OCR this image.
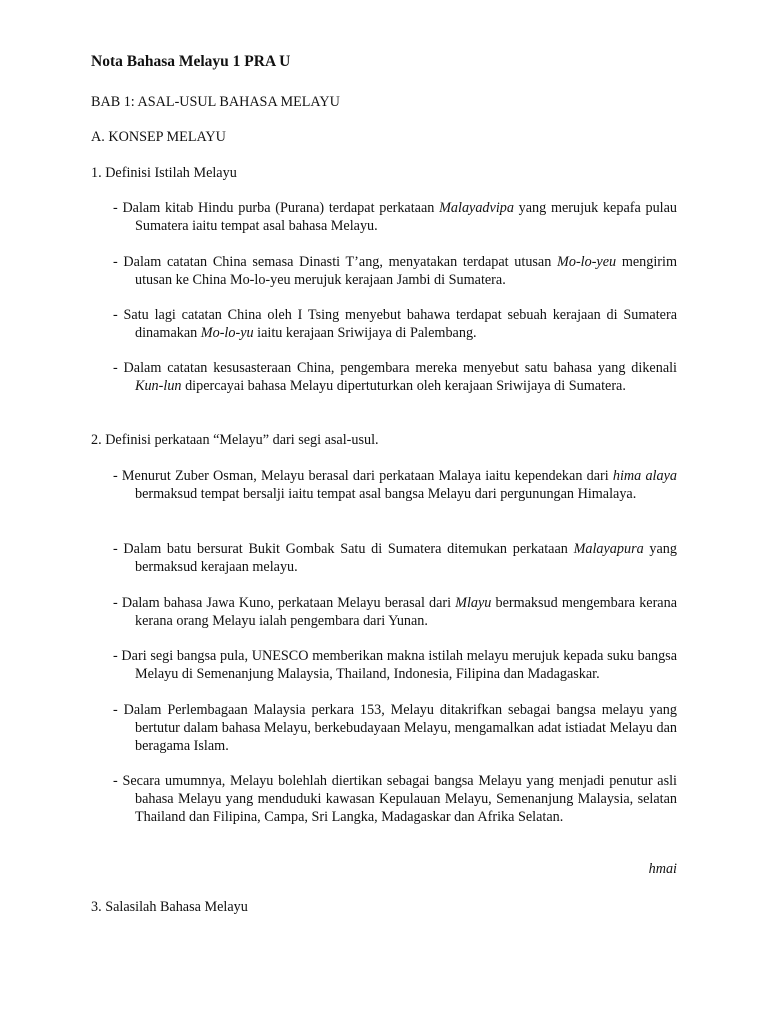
Nota Bahasa Melayu 1 PRA U
BAB 1: ASAL-USUL BAHASA MELAYU
A. KONSEP MELAYU
1. Definisi Istilah Melayu

- Dalam kitab Hindu purba (Purana) terdapat perkataan Malayadvipa yang merujuk kepafa pulau Sumatera iaitu tempat asal bahasa Melayu.

- Dalam catatan China semasa Dinasti T’ang, menyatakan terdapat utusan Mo-lo-yeu mengirim utusan ke China Mo-lo-yeu merujuk kerajaan Jambi di Sumatera.

- Satu lagi catatan China oleh I Tsing menyebut bahawa terdapat sebuah kerajaan di Sumatera dinamakan Mo-lo-yu iaitu kerajaan Sriwijaya di Palembang.

- Dalam catatan kesusasteraan China, pengembara mereka menyebut satu bahasa yang dikenali Kun-lun dipercayai bahasa Melayu dipertuturkan oleh kerajaan Sriwijaya di Sumatera.

2. Definisi perkataan “Melayu” dari segi asal-usul.

- Menurut Zuber Osman, Melayu berasal dari perkataan Malaya iaitu kependekan dari hima alaya bermaksud tempat bersalji iaitu tempat asal bangsa Melayu dari pergunungan Himalaya.

- Dalam batu bersurat Bukit Gombak Satu di Sumatera ditemukan perkataan Malayapura yang bermaksud kerajaan melayu.

- Dalam bahasa Jawa Kuno, perkataan Melayu berasal dari Mlayu bermaksud mengembara kerana kerana orang Melayu ialah pengembara dari Yunan.

- Dari segi bangsa pula, UNESCO memberikan makna istilah melayu merujuk kepada suku bangsa Melayu di Semenanjung Malaysia, Thailand, Indonesia, Filipina dan Madagaskar.

- Dalam Perlembagaan Malaysia perkara 153, Melayu ditakrifkan sebagai bangsa melayu yang bertutur dalam bahasa Melayu, berkebudayaan Melayu, mengamalkan adat istiadat Melayu dan beragama Islam.

- Secara umumnya, Melayu bolehlah diertikan sebagai bangsa Melayu yang menjadi penutur asli bahasa Melayu yang menduduki kawasan Kepulauan Melayu, Semenanjung Malaysia, selatan Thailand dan Filipina, Campa, Sri Langka, Madagaskar dan Afrika Selatan.

hmai
3. Salasilah Bahasa Melayu
